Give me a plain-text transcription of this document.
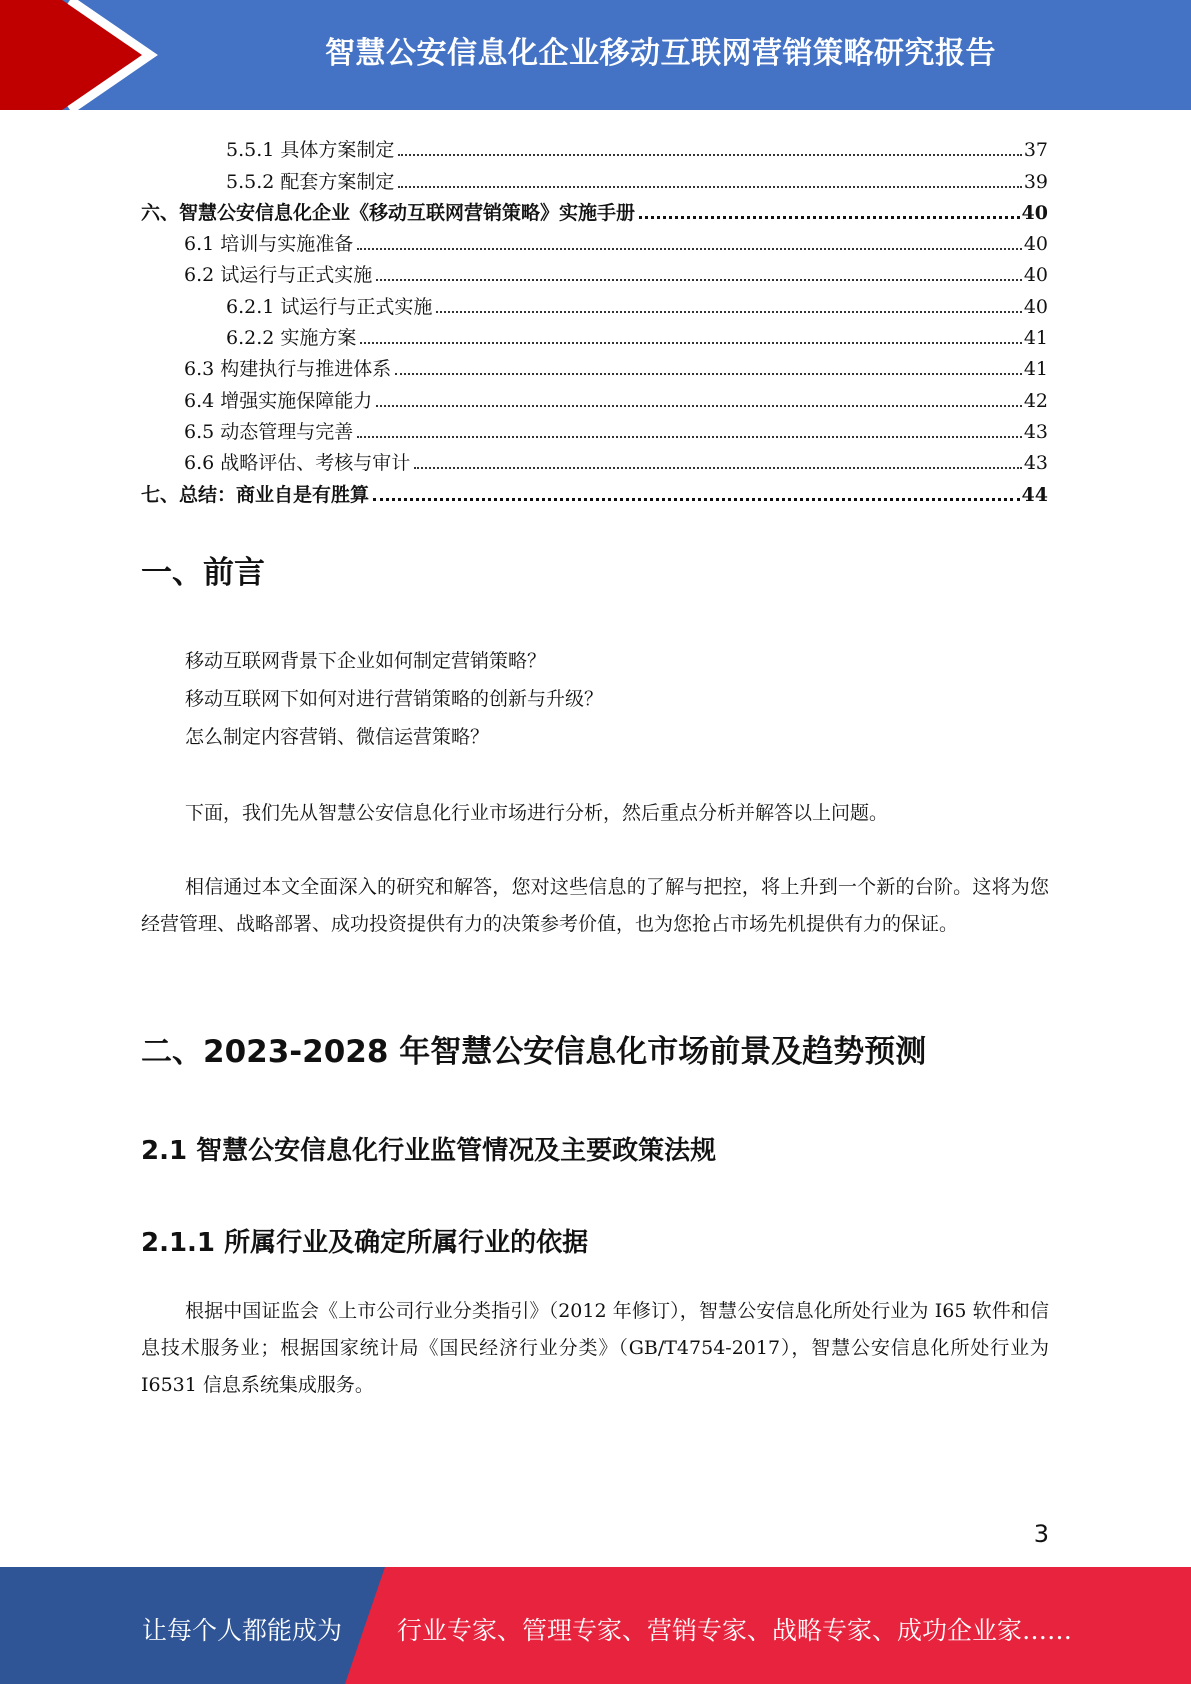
智慧公安信息化企业移动互联网营销策略研究报告
5.5.1 具体方案制定	37
5.5.2 配套方案制定	39
六、智慧公安信息化企业《移动互联网营销策略》实施手册	40
6.1 培训与实施准备	40
6.2 试运行与正式实施	40
6.2.1 试运行与正式实施	40
6.2.2 实施方案	41
6.3 构建执行与推进体系	41
6.4 增强实施保障能力	42
6.5 动态管理与完善	43
6.6 战略评估、考核与审计	43
七、总结：商业自是有胜算	44
一、前言
移动互联网背景下企业如何制定营销策略？
移动互联网下如何对进行营销策略的创新与升级？
怎么制定内容营销、微信运营策略？
下面，我们先从智慧公安信息化行业市场进行分析，然后重点分析并解答以上问题。
相信通过本文全面深入的研究和解答，您对这些信息的了解与把控，将上升到一个新的台阶。这将为您经营管理、战略部署、成功投资提供有力的决策参考价值，也为您抢占市场先机提供有力的保证。
二、2023-2028 年智慧公安信息化市场前景及趋势预测
2.1 智慧公安信息化行业监管情况及主要政策法规
2.1.1 所属行业及确定所属行业的依据
根据中国证监会《上市公司行业分类指引》（2012 年修订），智慧公安信息化所处行业为 I65 软件和信息技术服务业；根据国家统计局《国民经济行业分类》（GB/T4754-2017），智慧公安信息化所处行业为 I6531 信息系统集成服务。
3
让每个人都能成为 行业专家、管理专家、营销专家、战略专家、成功企业家……
